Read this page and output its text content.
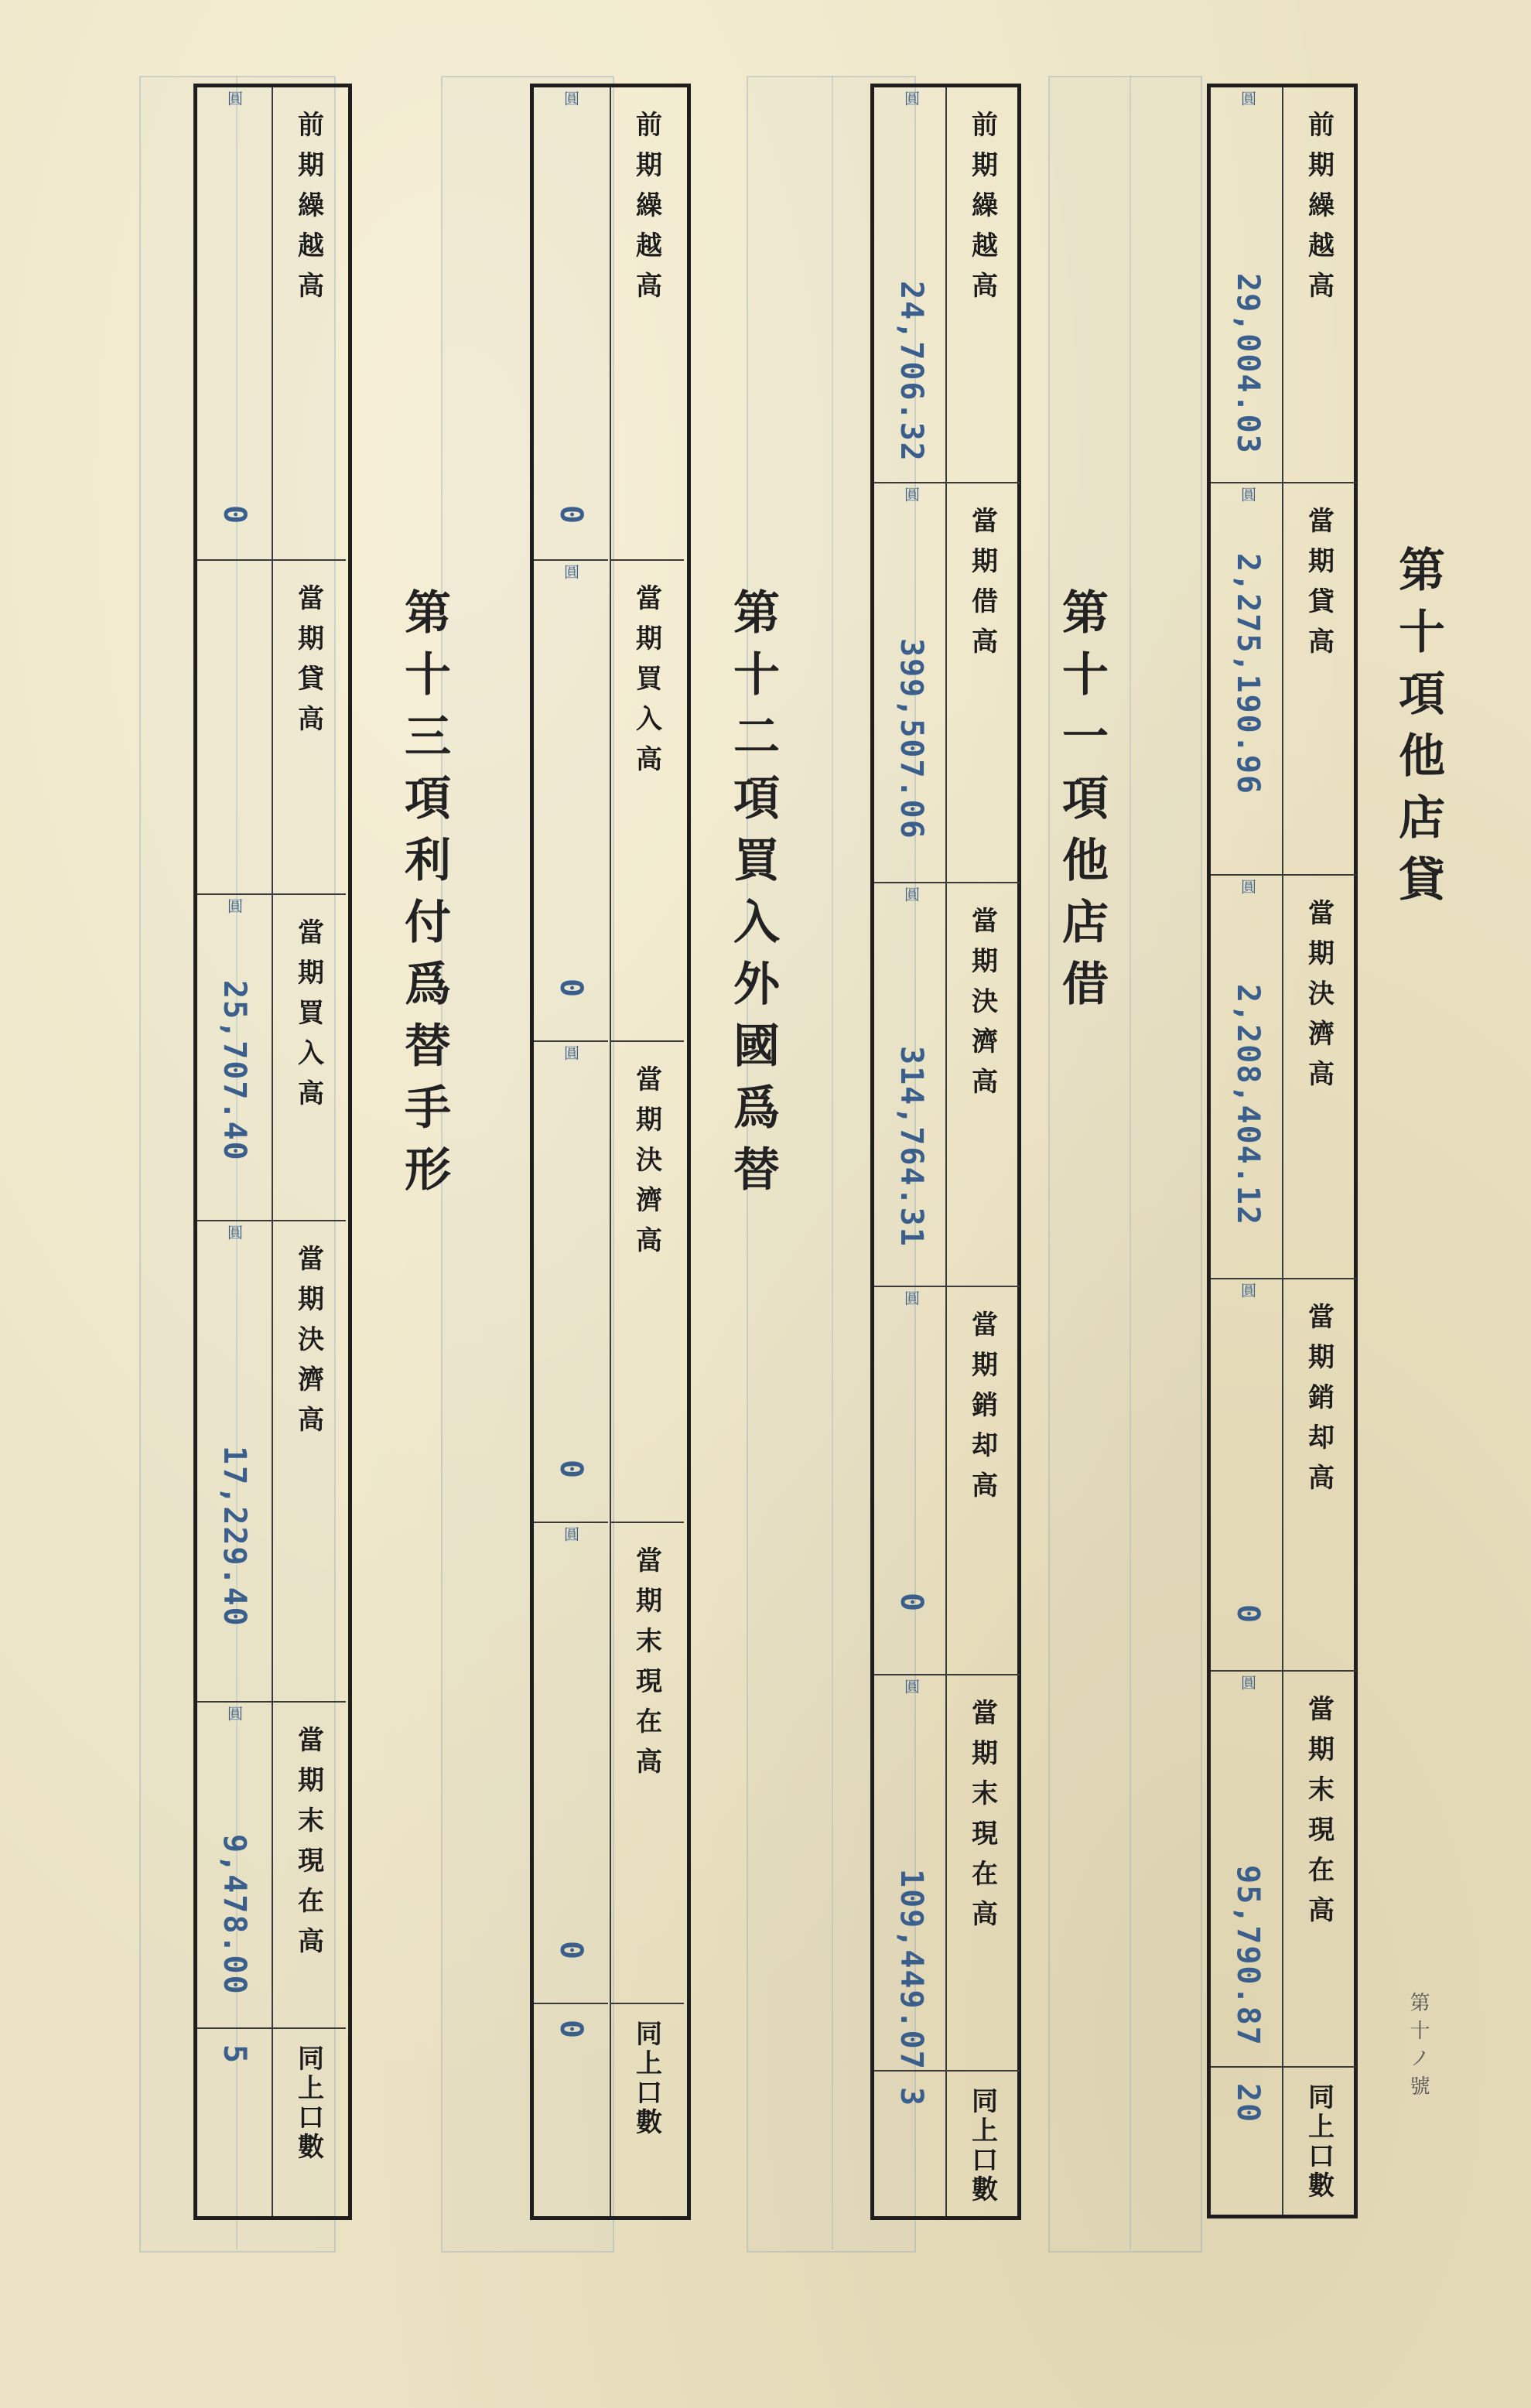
第十ノ號
第十項他店貸
前期繰越高
當期貸高
當期決濟高
當期銷却高
當期末現在高
同上口數
29,004.03
圓
2,275,190.96
圓
2,208,404.12
圓
0
圓
95,790.87
圓
20
第十一項他店借
前期繰越高
當期借高
當期決濟高
當期銷却高
當期末現在高
同上口數
24,706.32
圓
399,507.06
圓
314,764.31
圓
0
圓
109,449.07
圓
3
第十二項買入外國爲替
前期繰越高
當期買入高
當期決濟高
當期末現在高
同上口數
0
圓
0
圓
0
圓
0
圓
0
第十三項利付爲替手形
前期繰越高
當期貸高
當期買入高
當期決濟高
當期末現在高
同上口數
0
圓
25,707.40
圓
17,229.40
圓
9,478.00
圓
5
